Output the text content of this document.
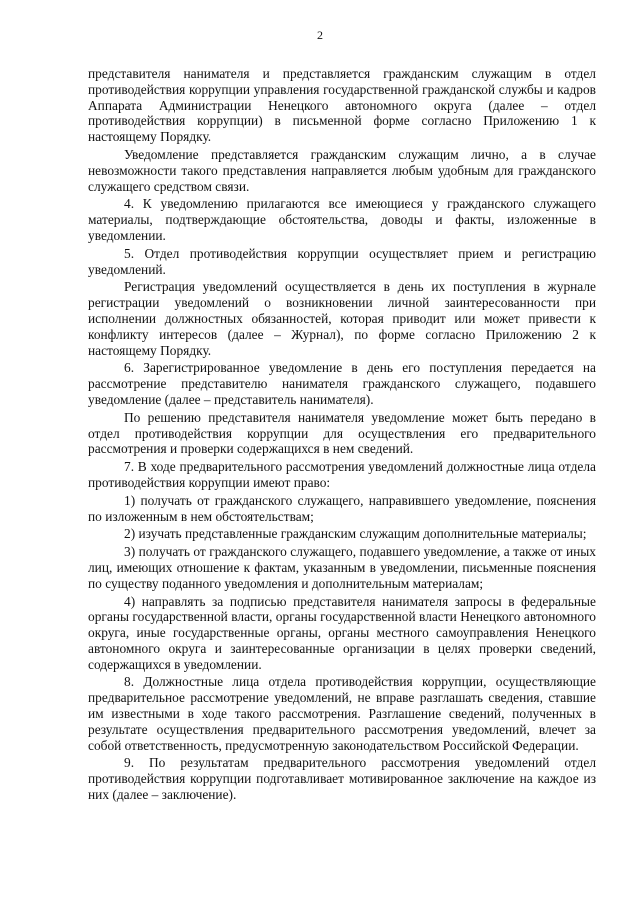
2

представителя нанимателя и представляется гражданским служащим в отдел противодействия коррупции управления государственной гражданской службы и кадров Аппарата Администрации Ненецкого автономного округа (далее – отдел противодействия коррупции) в письменной форме согласно Приложению 1 к настоящему Порядку.

Уведомление представляется гражданским служащим лично, а в случае невозможности такого представления направляется любым удобным для гражданского служащего средством связи.

4. К уведомлению прилагаются все имеющиеся у гражданского служащего материалы, подтверждающие обстоятельства, доводы и факты, изложенные в уведомлении.

5. Отдел противодействия коррупции осуществляет прием и регистрацию уведомлений.

Регистрация уведомлений осуществляется в день их поступления в журнале регистрации уведомлений о возникновении личной заинтересованности при исполнении должностных обязанностей, которая приводит или может привести к конфликту интересов (далее – Журнал), по форме согласно Приложению 2 к настоящему Порядку.

6. Зарегистрированное уведомление в день его поступления передается на рассмотрение представителю нанимателя гражданского служащего, подавшего уведомление (далее – представитель нанимателя).

По решению представителя нанимателя уведомление может быть передано в отдел противодействия коррупции для осуществления его предварительного рассмотрения и проверки содержащихся в нем сведений.

7. В ходе предварительного рассмотрения уведомлений должностные лица отдела противодействия коррупции имеют право:

1) получать от гражданского служащего, направившего уведомление, пояснения по изложенным в нем обстоятельствам;

2) изучать представленные гражданским служащим дополнительные материалы;

3) получать от гражданского служащего, подавшего уведомление, а также от иных лиц, имеющих отношение к фактам, указанным в уведомлении, письменные пояснения по существу поданного уведомления и дополнительным материалам;

4) направлять за подписью представителя нанимателя запросы в федеральные органы государственной власти, органы государственной власти Ненецкого автономного округа, иные государственные органы, органы местного самоуправления Ненецкого автономного округа и заинтересованные организации в целях проверки сведений, содержащихся в уведомлении.

8. Должностные лица отдела противодействия коррупции, осуществляющие предварительное рассмотрение уведомлений, не вправе разглашать сведения, ставшие им известными в ходе такого рассмотрения. Разглашение сведений, полученных в результате осуществления предварительного рассмотрения уведомлений, влечет за собой ответственность, предусмотренную законодательством Российской Федерации.

9. По результатам предварительного рассмотрения уведомлений отдел противодействия коррупции подготавливает мотивированное заключение на каждое из них (далее – заключение).
